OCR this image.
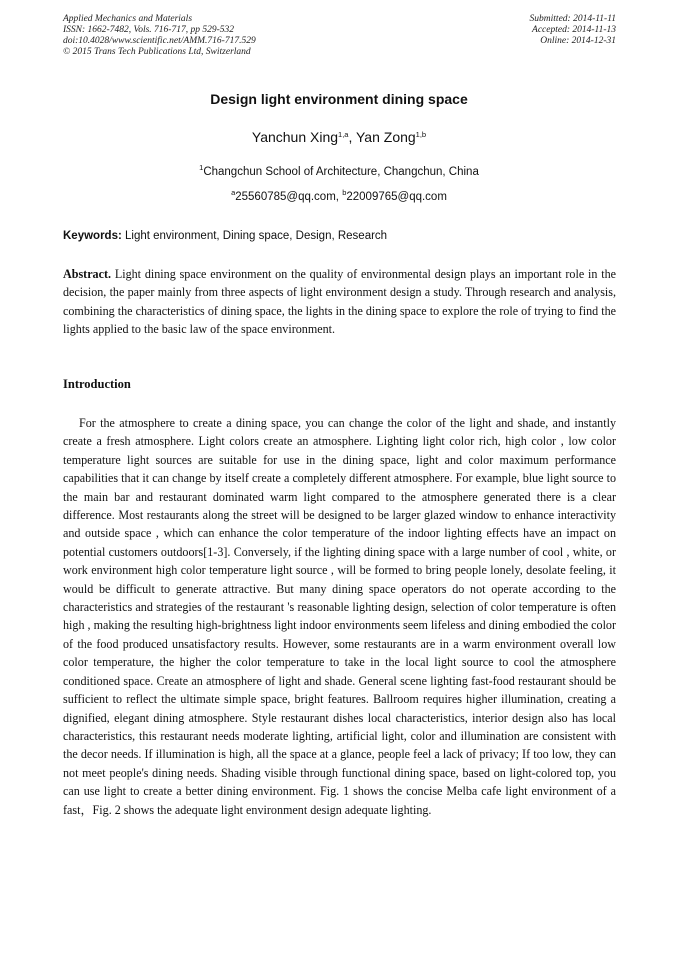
Applied Mechanics and Materials
ISSN: 1662-7482, Vols. 716-717, pp 529-532
doi:10.4028/www.scientific.net/AMM.716-717.529
© 2015 Trans Tech Publications Ltd, Switzerland
Submitted: 2014-11-11
Accepted: 2014-11-13
Online: 2014-12-31
Design light environment dining space
Yanchun Xing$^{1,a}$, Yan Zong$^{1,b}$
$^1$Changchun School of Architecture, Changchun, China
$^a$25560785@qq.com, $^b$22009765@qq.com
Keywords: Light environment, Dining space, Design, Research
Abstract. Light dining space environment on the quality of environmental design plays an important role in the decision, the paper mainly from three aspects of light environment design a study. Through research and analysis, combining the characteristics of dining space, the lights in the dining space to explore the role of trying to find the lights applied to the basic law of the space environment.
Introduction
For the atmosphere to create a dining space, you can change the color of the light and shade, and instantly create a fresh atmosphere. Light colors create an atmosphere. Lighting light color rich, high color , low color temperature light sources are suitable for use in the dining space, light and color maximum performance capabilities that it can change by itself create a completely different atmosphere. For example, blue light source to the main bar and restaurant dominated warm light compared to the atmosphere generated there is a clear difference. Most restaurants along the street will be designed to be larger glazed window to enhance interactivity and outside space , which can enhance the color temperature of the indoor lighting effects have an impact on potential customers outdoors[1-3]. Conversely, if the lighting dining space with a large number of cool , white, or work environment high color temperature light source , will be formed to bring people lonely, desolate feeling, it would be difficult to generate attractive. But many dining space operators do not operate according to the characteristics and strategies of the restaurant 's reasonable lighting design, selection of color temperature is often high , making the resulting high-brightness light indoor environments seem lifeless and dining embodied the color of the food produced unsatisfactory results. However, some restaurants are in a warm environment overall low color temperature, the higher the color temperature to take in the local light source to cool the atmosphere conditioned space. Create an atmosphere of light and shade. General scene lighting fast-food restaurant should be sufficient to reflect the ultimate simple space, bright features. Ballroom requires higher illumination, creating a dignified, elegant dining atmosphere. Style restaurant dishes local characteristics, interior design also has local characteristics, this restaurant needs moderate lighting, artificial light, color and illumination are consistent with the decor needs. If illumination is high, all the space at a glance, people feel a lack of privacy; If too low, they can not meet people's dining needs. Shading visible through functional dining space, based on light-colored top, you can use light to create a better dining environment. Fig. 1 shows the concise Melba cafe light environment of a fast，Fig. 2 shows the adequate light environment design adequate lighting.
